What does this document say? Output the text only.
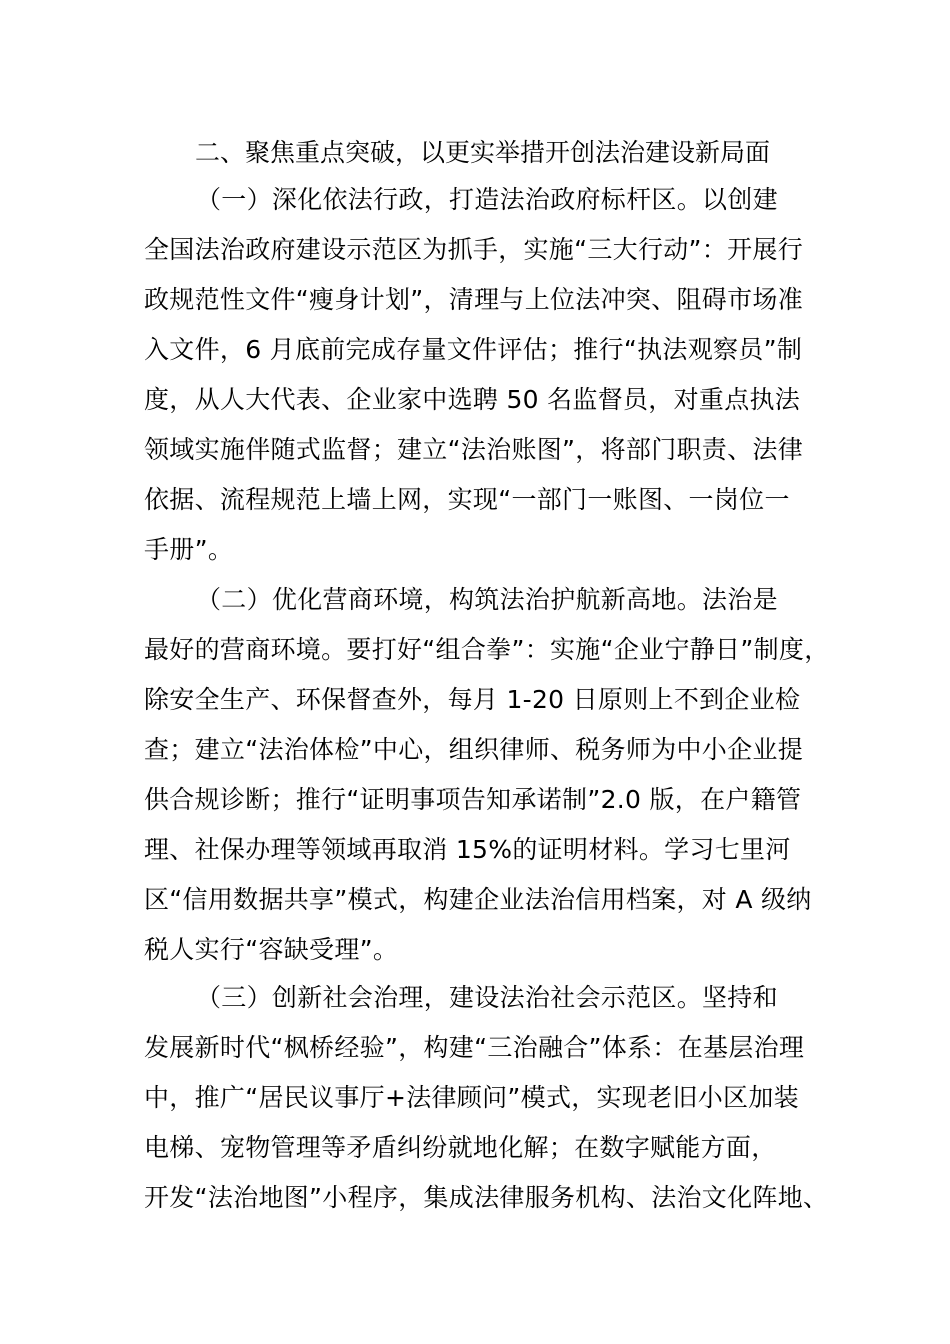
二、聚焦重点突破，以更实举措开创法治建设新局面
（一）深化依法行政，打造法治政府标杆区。以创建
全国法治政府建设示范区为抓手，实施“三大行动”：开展行
政规范性文件“瘦身计划”，清理与上位法冲突、阻碍市场准
入文件，6 月底前完成存量文件评估；推行“执法观察员”制
度，从人大代表、企业家中选聘 50 名监督员，对重点执法
领域实施伴随式监督；建立“法治账图”，将部门职责、法律
依据、流程规范上墙上网，实现“一部门一账图、一岗位一
手册”。
（二）优化营商环境，构筑法治护航新高地。法治是
最好的营商环境。要打好“组合拳”：实施“企业宁静日”制度，
除安全生产、环保督查外，每月 1-20 日原则上不到企业检
查；建立“法治体检”中心，组织律师、税务师为中小企业提
供合规诊断；推行“证明事项告知承诺制”2.0 版，在户籍管
理、社保办理等领域再取消 15%的证明材料。学习七里河
区“信用数据共享”模式，构建企业法治信用档案，对 A 级纳
税人实行“容缺受理”。
（三）创新社会治理，建设法治社会示范区。坚持和
发展新时代“枫桥经验”，构建“三治融合”体系：在基层治理
中，推广“居民议事厅+法律顾问”模式，实现老旧小区加装
电梯、宠物管理等矛盾纠纷就地化解；在数字赋能方面，
开发“法治地图”小程序，集成法律服务机构、法治文化阵地、
